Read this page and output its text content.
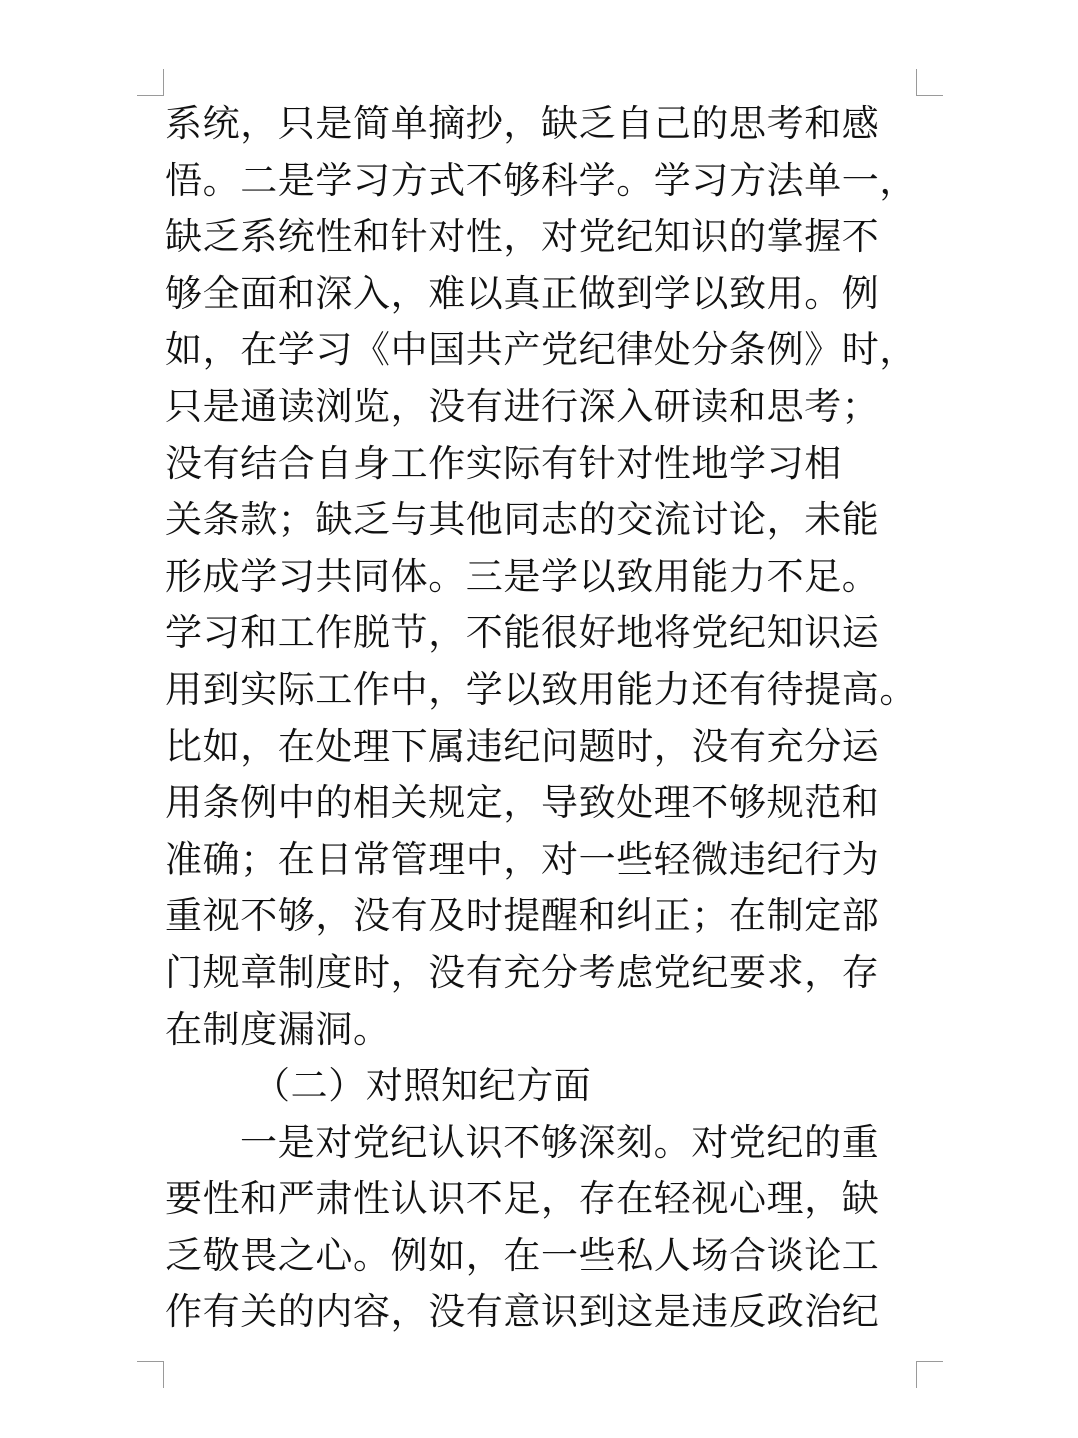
系统，只是简单摘抄，缺乏自己的思考和感
悟。二是学习方式不够科学。学习方法单一，
缺乏系统性和针对性，对党纪知识的掌握不
够全面和深入，难以真正做到学以致用。例
如，在学习《中国共产党纪律处分条例》时，
只是通读浏览，没有进行深入研读和思考；
没有结合自身工作实际有针对性地学习相
关条款；缺乏与其他同志的交流讨论，未能
形成学习共同体。三是学以致用能力不足。
学习和工作脱节，不能很好地将党纪知识运
用到实际工作中，学以致用能力还有待提高。
比如，在处理下属违纪问题时，没有充分运
用条例中的相关规定，导致处理不够规范和
准确；在日常管理中，对一些轻微违纪行为
重视不够，没有及时提醒和纠正；在制定部
门规章制度时，没有充分考虑党纪要求，存
在制度漏洞。
（二）对照知纪方面
一是对党纪认识不够深刻。对党纪的重
要性和严肃性认识不足，存在轻视心理，缺
乏敬畏之心。例如，在一些私人场合谈论工
作有关的内容，没有意识到这是违反政治纪
